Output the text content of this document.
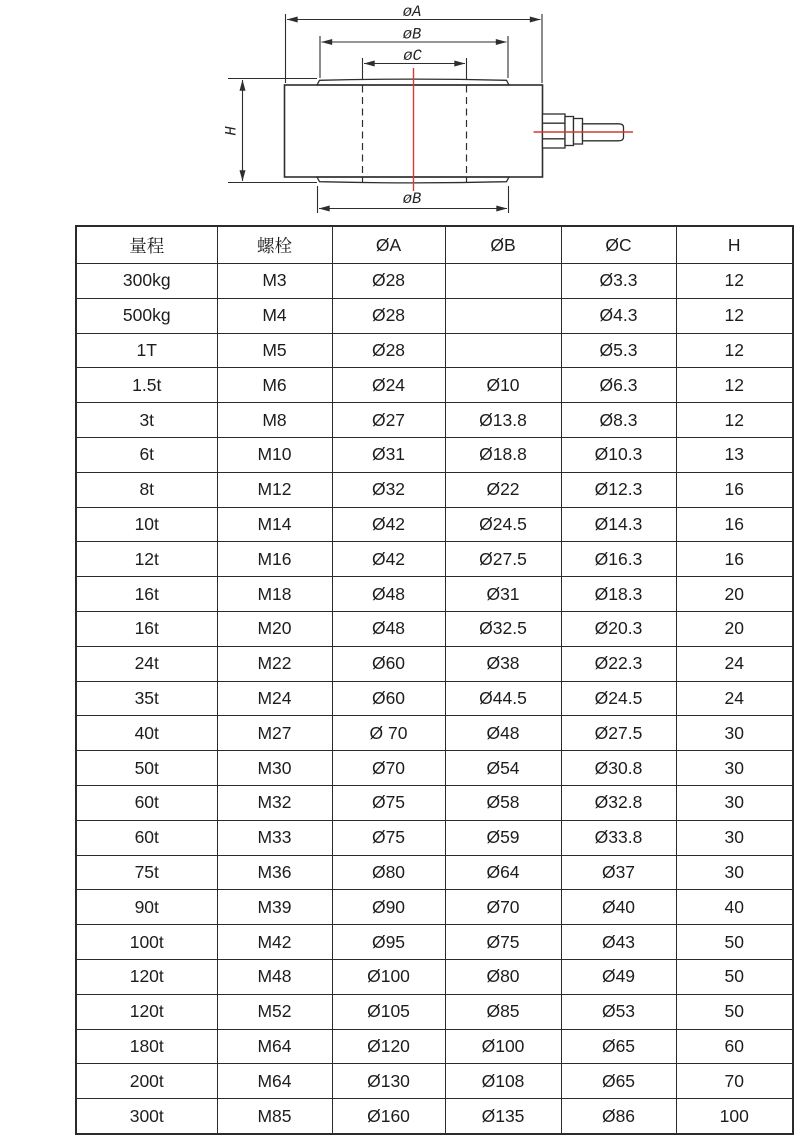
øA
øB
øC
H
øB
量程	螺栓	ØA	ØB	ØC	H
300kg	M3	Ø28		Ø3.3	12
500kg	M4	Ø28		Ø4.3	12
1T	M5	Ø28		Ø5.3	12
1.5t	M6	Ø24	Ø10	Ø6.3	12
3t	M8	Ø27	Ø13.8	Ø8.3	12
6t	M10	Ø31	Ø18.8	Ø10.3	13
8t	M12	Ø32	Ø22	Ø12.3	16
10t	M14	Ø42	Ø24.5	Ø14.3	16
12t	M16	Ø42	Ø27.5	Ø16.3	16
16t	M18	Ø48	Ø31	Ø18.3	20
16t	M20	Ø48	Ø32.5	Ø20.3	20
24t	M22	Ø60	Ø38	Ø22.3	24
35t	M24	Ø60	Ø44.5	Ø24.5	24
40t	M27	Ø 70	Ø48	Ø27.5	30
50t	M30	Ø70	Ø54	Ø30.8	30
60t	M32	Ø75	Ø58	Ø32.8	30
60t	M33	Ø75	Ø59	Ø33.8	30
75t	M36	Ø80	Ø64	Ø37	30
90t	M39	Ø90	Ø70	Ø40	40
100t	M42	Ø95	Ø75	Ø43	50
120t	M48	Ø100	Ø80	Ø49	50
120t	M52	Ø105	Ø85	Ø53	50
180t	M64	Ø120	Ø100	Ø65	60
200t	M64	Ø130	Ø108	Ø65	70
300t	M85	Ø160	Ø135	Ø86	100
